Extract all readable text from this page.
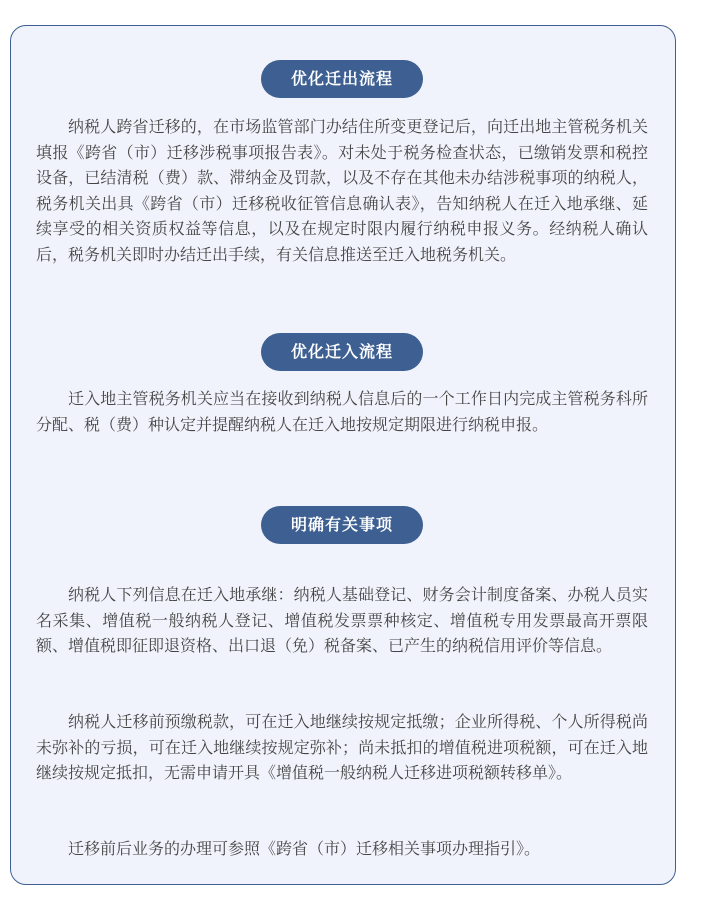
优化迁出流程

纳税人跨省迁移的，在市场监管部门办结住所变更登记后，向迁出地主管税务机关填报《跨省（市）迁移涉税事项报告表》。对未处于税务检查状态，已缴销发票和税控设备，已结清税（费）款、滞纳金及罚款，以及不存在其他未办结涉税事项的纳税人，税务机关出具《跨省（市）迁移税收征管信息确认表》，告知纳税人在迁入地承继、延续享受的相关资质权益等信息，以及在规定时限内履行纳税申报义务。经纳税人确认后，税务机关即时办结迁出手续，有关信息推送至迁入地税务机关。

优化迁入流程

迁入地主管税务机关应当在接收到纳税人信息后的一个工作日内完成主管税务科所分配、税（费）种认定并提醒纳税人在迁入地按规定期限进行纳税申报。

明确有关事项

纳税人下列信息在迁入地承继：纳税人基础登记、财务会计制度备案、办税人员实名采集、增值税一般纳税人登记、增值税发票票种核定、增值税专用发票最高开票限额、增值税即征即退资格、出口退（免）税备案、已产生的纳税信用评价等信息。

纳税人迁移前预缴税款，可在迁入地继续按规定抵缴；企业所得税、个人所得税尚未弥补的亏损，可在迁入地继续按规定弥补；尚未抵扣的增值税进项税额，可在迁入地继续按规定抵扣，无需申请开具《增值税一般纳税人迁移进项税额转移单》。

迁移前后业务的办理可参照《跨省（市）迁移相关事项办理指引》。
